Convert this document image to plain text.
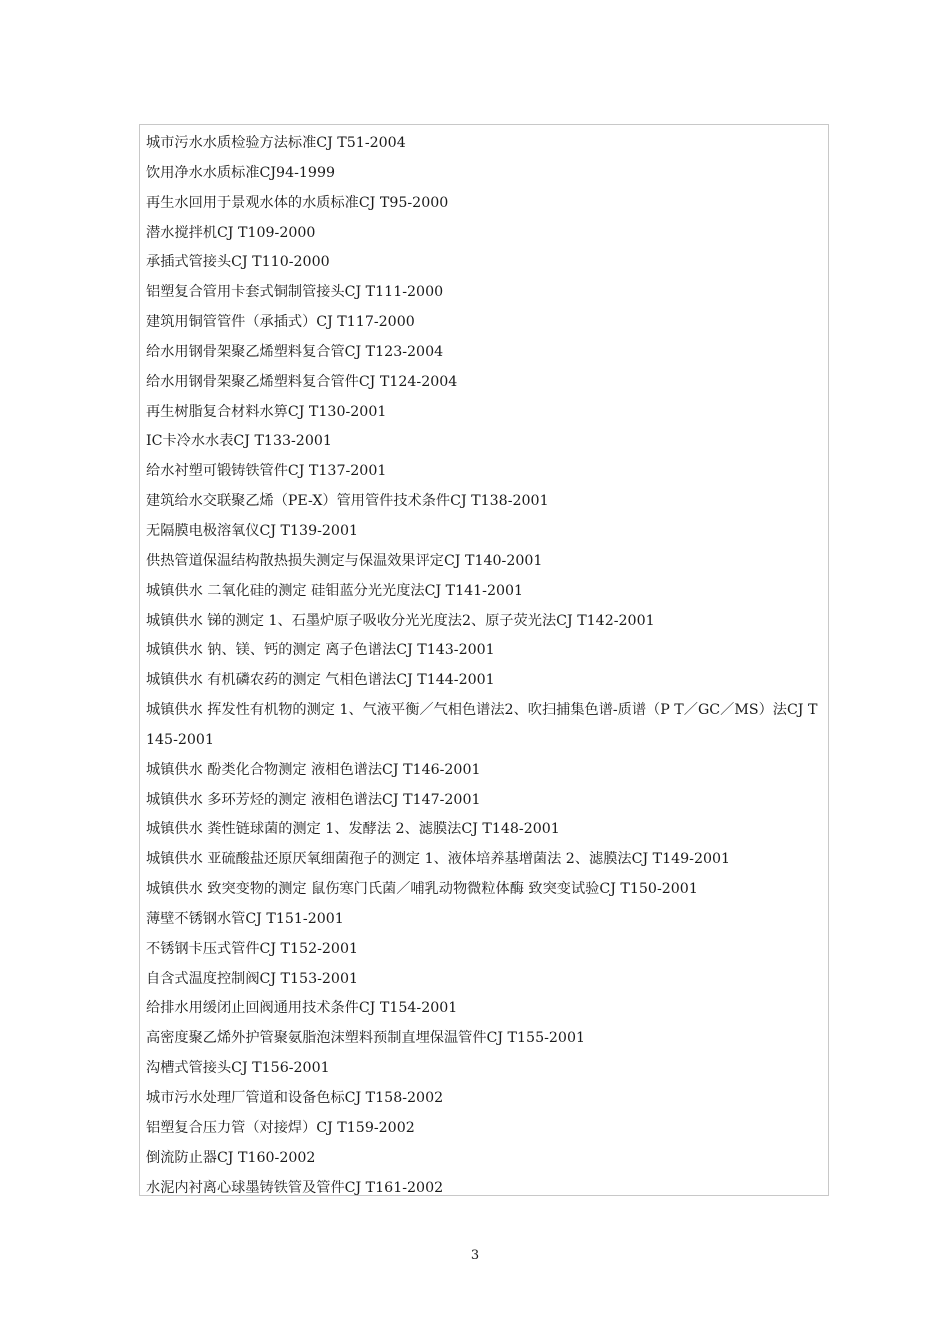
城市污水水质检验方法标准CJ T51-2004
饮用净水水质标准CJ94-1999
再生水回用于景观水体的水质标准CJ T95-2000
潜水搅拌机CJ T109-2000
承插式管接头CJ T110-2000
铝塑复合管用卡套式铜制管接头CJ T111-2000
建筑用铜管管件（承插式）CJ T117-2000
给水用钢骨架聚乙烯塑料复合管CJ T123-2004
给水用钢骨架聚乙烯塑料复合管件CJ T124-2004
再生树脂复合材料水箅CJ T130-2001
IC卡冷水水表CJ T133-2001
给水衬塑可锻铸铁管件CJ T137-2001
建筑给水交联聚乙烯（PE-X）管用管件技术条件CJ T138-2001
无隔膜电极溶氧仪CJ T139-2001
供热管道保温结构散热损失测定与保温效果评定CJ T140-2001
城镇供水 二氧化硅的测定 硅钼蓝分光光度法CJ T141-2001
城镇供水 锑的测定 1、石墨炉原子吸收分光光度法2、原子荧光法CJ T142-2001
城镇供水 钠、镁、钙的测定 离子色谱法CJ T143-2001
城镇供水 有机磷农药的测定 气相色谱法CJ T144-2001
城镇供水 挥发性有机物的测定 1、气液平衡／气相色谱法2、吹扫捕集色谱-质谱（P T／GC／MS）法CJ T145-2001
城镇供水 酚类化合物测定 液相色谱法CJ T146-2001
城镇供水 多环芳烃的测定 液相色谱法CJ T147-2001
城镇供水 粪性链球菌的测定 1、发酵法 2、滤膜法CJ T148-2001
城镇供水 亚硫酸盐还原厌氧细菌孢子的测定 1、液体培养基增菌法 2、滤膜法CJ T149-2001
城镇供水 致突变物的测定 鼠伤寒门氏菌／哺乳动物微粒体酶 致突变试验CJ T150-2001
薄壁不锈钢水管CJ T151-2001
不锈钢卡压式管件CJ T152-2001
自含式温度控制阀CJ T153-2001
给排水用缓闭止回阀通用技术条件CJ T154-2001
高密度聚乙烯外护管聚氨脂泡沫塑料预制直埋保温管件CJ T155-2001
沟槽式管接头CJ T156-2001
城市污水处理厂管道和设备色标CJ T158-2002
铝塑复合压力管（对接焊）CJ T159-2002
倒流防止器CJ T160-2002
水泥内衬离心球墨铸铁管及管件CJ T161-2002
3
